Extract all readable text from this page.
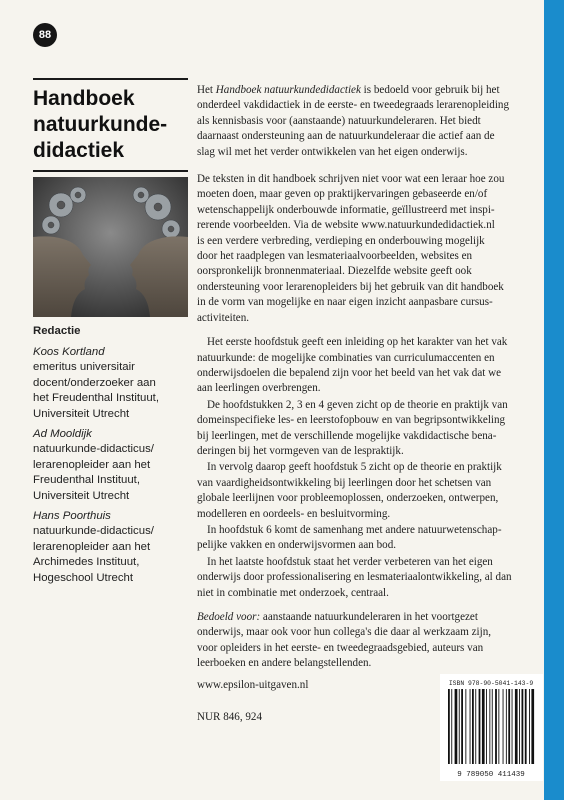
88
Handboek
natuurkunde-
didactiek
Redactie
Koos Kortland
emeritus universitair
docent/onderzoeker aan
het Freudenthal Instituut,
Universiteit Utrecht
Ad Mooldijk
natuurkunde-didacticus/
lerarenopleider aan het
Freudenthal Instituut,
Universiteit Utrecht
Hans Poorthuis
natuurkunde-didacticus/
lerarenopleider aan het
Archimedes Instituut,
Hogeschool Utrecht
Het Handboek natuurkundedidactiek is bedoeld voor gebruik bij het
onderdeel vakdidactiek in de eerste- en tweedegraads lerarenopleiding
als kennisbasis voor (aanstaande) natuurkundeleraren. Het biedt
daarnaast ondersteuning aan de natuurkundeleraar die actief aan de
slag wil met het verder ontwikkelen van het eigen onderwijs.
De teksten in dit handboek schrijven niet voor wat een leraar hoe zou
moeten doen, maar geven op praktijkervaringen gebaseerde en/of
wetenschappelijk onderbouwde informatie, geïllustreerd met inspi-
rerende voorbeelden. Via de website www.natuurkundedidactiek.nl
is een verdere verbreding, verdieping en onderbouwing mogelijk
door het raadplegen van lesmateriaalvoorbeelden, websites en
oorspronkelijk bronnenmateriaal. Diezelfde website geeft ook
ondersteuning voor lerarenopleiders bij het gebruik van dit handboek
in de vorm van mogelijke en naar eigen inzicht aanpasbare cursus-
activiteiten.
Het eerste hoofdstuk geeft een inleiding op het karakter van het vak
natuurkunde: de mogelijke combinaties van curriculumaccenten en
onderwijsdoelen die bepalend zijn voor het beeld van het vak dat we
aan leerlingen overbrengen.
De hoofdstukken 2, 3 en 4 geven zicht op de theorie en praktijk van
domeinspecifieke les- en leerstofopbouw en van begripsontwikkeling
bij leerlingen, met de verschillende mogelijke vakdidactische bena-
deringen bij het vormgeven van de lespraktijk.
In vervolg daarop geeft hoofdstuk 5 zicht op de theorie en praktijk
van vaardigheidsontwikkeling bij leerlingen door het schetsen van
globale leerlijnen voor probleemoplossen, onderzoeken, ontwerpen,
modelleren en oordeels- en besluitvorming.
In hoofdstuk 6 komt de samenhang met andere natuurwetenschap-
pelijke vakken en onderwijsvormen aan bod.
In het laatste hoofdstuk staat het verder verbeteren van het eigen
onderwijs door professionalisering en lesmateriaalontwikkeling, al dan
niet in combinatie met onderzoek, centraal.
Bedoeld voor: aanstaande natuurkundeleraren in het voortgezet
onderwijs, maar ook voor hun collega's die daar al werkzaam zijn,
voor opleiders in het eerste- en tweedegraadsgebied, auteurs van
leerboeken en andere belangstellenden.
www.epsilon-uitgaven.nl
NUR 846, 924
ISBN 978-90-5041-143-9
9 789050 411439
